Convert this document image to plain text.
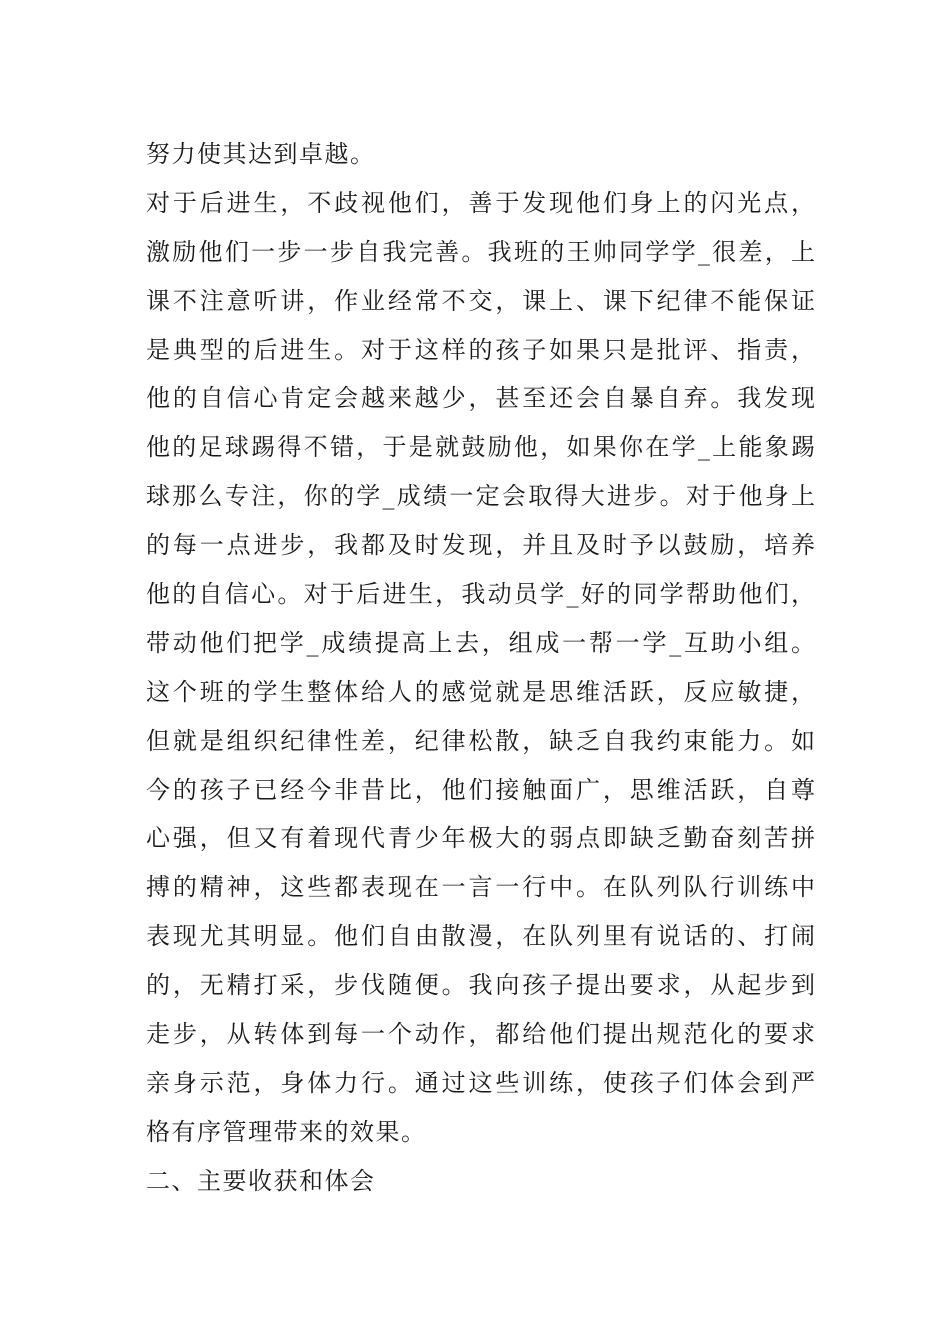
努力使其达到卓越。
对于后进生，不歧视他们，善于发现他们身上的闪光点，
激励他们一步一步自我完善。我班的王帅同学学_很差，上
课不注意听讲，作业经常不交，课上、课下纪律不能保证
是典型的后进生。对于这样的孩子如果只是批评、指责，
他的自信心肯定会越来越少，甚至还会自暴自弃。我发现
他的足球踢得不错，于是就鼓励他，如果你在学_上能象踢
球那么专注，你的学_成绩一定会取得大进步。对于他身上
的每一点进步，我都及时发现，并且及时予以鼓励，培养
他的自信心。对于后进生，我动员学_好的同学帮助他们，
带动他们把学_成绩提高上去，组成一帮一学_互助小组。
这个班的学生整体给人的感觉就是思维活跃，反应敏捷，
但就是组织纪律性差，纪律松散，缺乏自我约束能力。如
今的孩子已经今非昔比，他们接触面广，思维活跃，自尊
心强，但又有着现代青少年极大的弱点即缺乏勤奋刻苦拼
搏的精神，这些都表现在一言一行中。在队列队行训练中
表现尤其明显。他们自由散漫，在队列里有说话的、打闹
的，无精打采，步伐随便。我向孩子提出要求，从起步到
走步，从转体到每一个动作，都给他们提出规范化的要求
亲身示范，身体力行。通过这些训练，使孩子们体会到严
格有序管理带来的效果。
二、主要收获和体会
